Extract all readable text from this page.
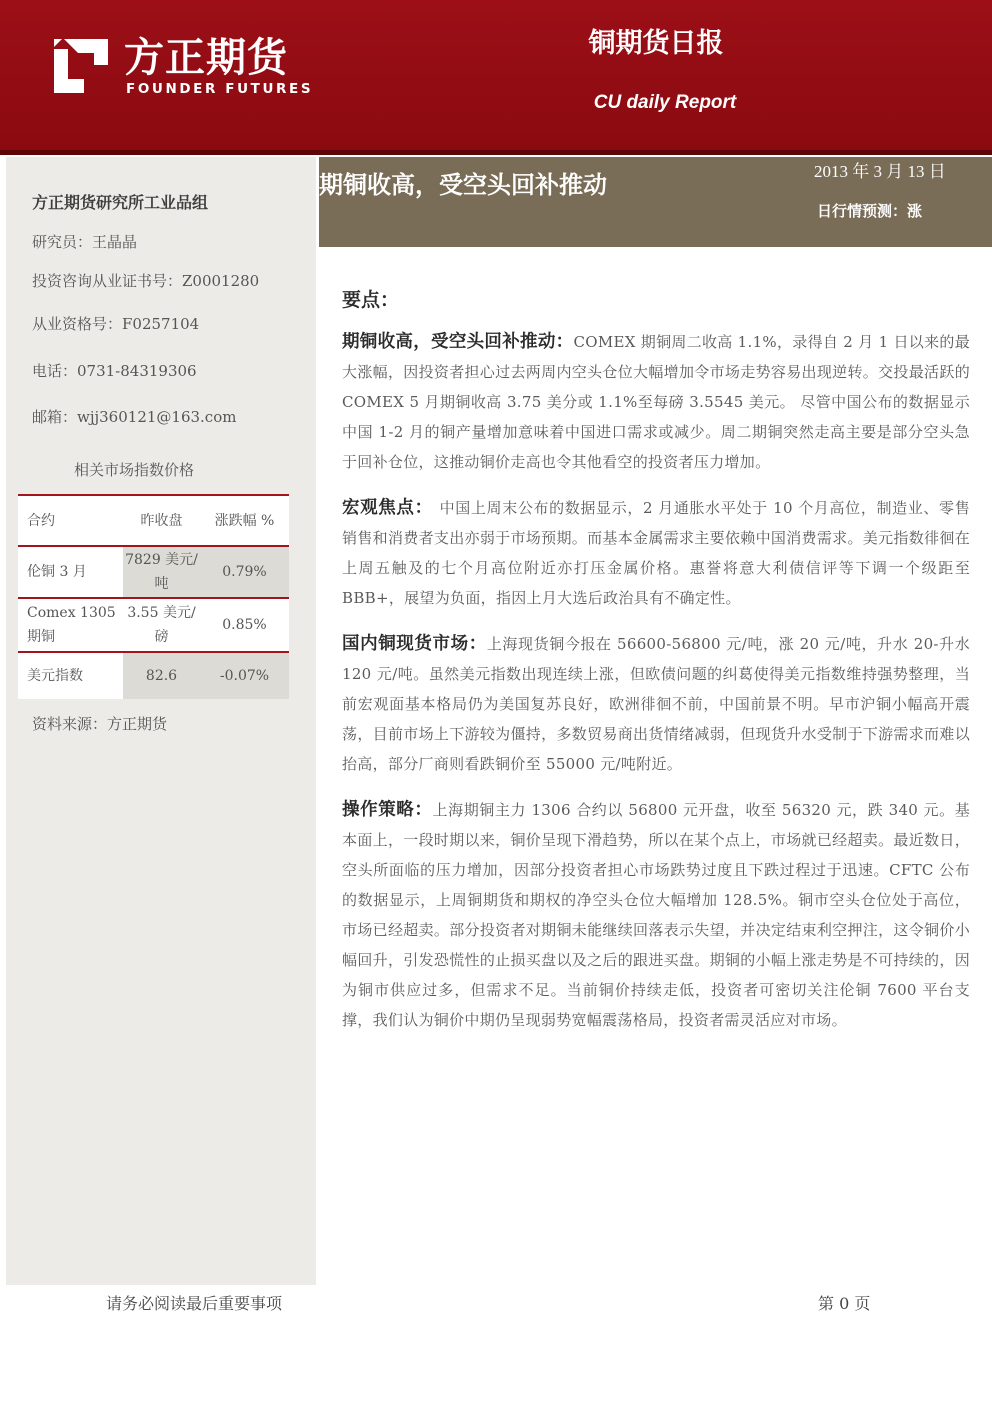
方正期货
FOUNDER FUTURES
铜期货日报
CU daily Report
方正期货研究所工业品组
研究员：王晶晶
投资咨询从业证书号：Z0001280
从业资格号：F0257104
电话：0731-84319306
邮箱：wjj360121@163.com
相关市场指数价格
合约	昨收盘	涨跌幅 %
伦铜 3 月	7829 美元/吨	0.79%
Comex 1305 期铜	3.55 美元/磅	0.85%
美元指数	82.6	-0.07%
资料来源：方正期货
期铜收高，受空头回补推动	2013 年 3 月 13 日
日行情预测：涨
要点：

期铜收高，受空头回补推动：COMEX 期铜周二收高 1.1%，录得自 2 月 1 日以来的最大涨幅，因投资者担心过去两周内空头仓位大幅增加令市场走势容易出现逆转。交投最活跃的 COMEX 5 月期铜收高 3.75 美分或 1.1%至每磅 3.5545 美元。 尽管中国公布的数据显示中国 1-2 月的铜产量增加意味着中国进口需求或减少。周二期铜突然走高主要是部分空头急于回补仓位，这推动铜价走高也令其他看空的投资者压力增加。

宏观焦点：　中国上周末公布的数据显示，2 月通胀水平处于 10 个月高位，制造业、零售销售和消费者支出亦弱于市场预期。而基本金属需求主要依赖中国消费需求。美元指数徘徊在上周五触及的七个月高位附近亦打压金属价格。惠誉将意大利债信评等下调一个级距至 BBB+，展望为负面，指因上月大选后政治具有不确定性。

国内铜现货市场：上海现货铜今报在 56600-56800 元/吨，涨 20 元/吨，升水 20-升水 120 元/吨。虽然美元指数出现连续上涨，但欧债问题的纠葛使得美元指数维持强势整理，当前宏观面基本格局仍为美国复苏良好，欧洲徘徊不前，中国前景不明。早市沪铜小幅高开震荡，目前市场上下游较为僵持，多数贸易商出货情绪减弱，但现货升水受制于下游需求而难以抬高，部分厂商则看跌铜价至 55000 元/吨附近。

操作策略：上海期铜主力 1306 合约以 56800 元开盘，收至 56320 元，跌 340 元。基本面上，一段时期以来，铜价呈现下滑趋势，所以在某个点上，市场就已经超卖。最近数日，空头所面临的压力增加，因部分投资者担心市场跌势过度且下跌过程过于迅速。CFTC 公布的数据显示，上周铜期货和期权的净空头仓位大幅增加 128.5%。铜市空头仓位处于高位，市场已经超卖。部分投资者对期铜未能继续回落表示失望，并决定结束利空押注，这令铜价小幅回升，引发恐慌性的止损买盘以及之后的跟进买盘。期铜的小幅上涨走势是不可持续的，因为铜市供应过多，但需求不足。当前铜价持续走低，投资者可密切关注伦铜 7600 平台支撑，我们认为铜价中期仍呈现弱势宽幅震荡格局，投资者需灵活应对市场。

请务必阅读最后重要事项	第 0 页
